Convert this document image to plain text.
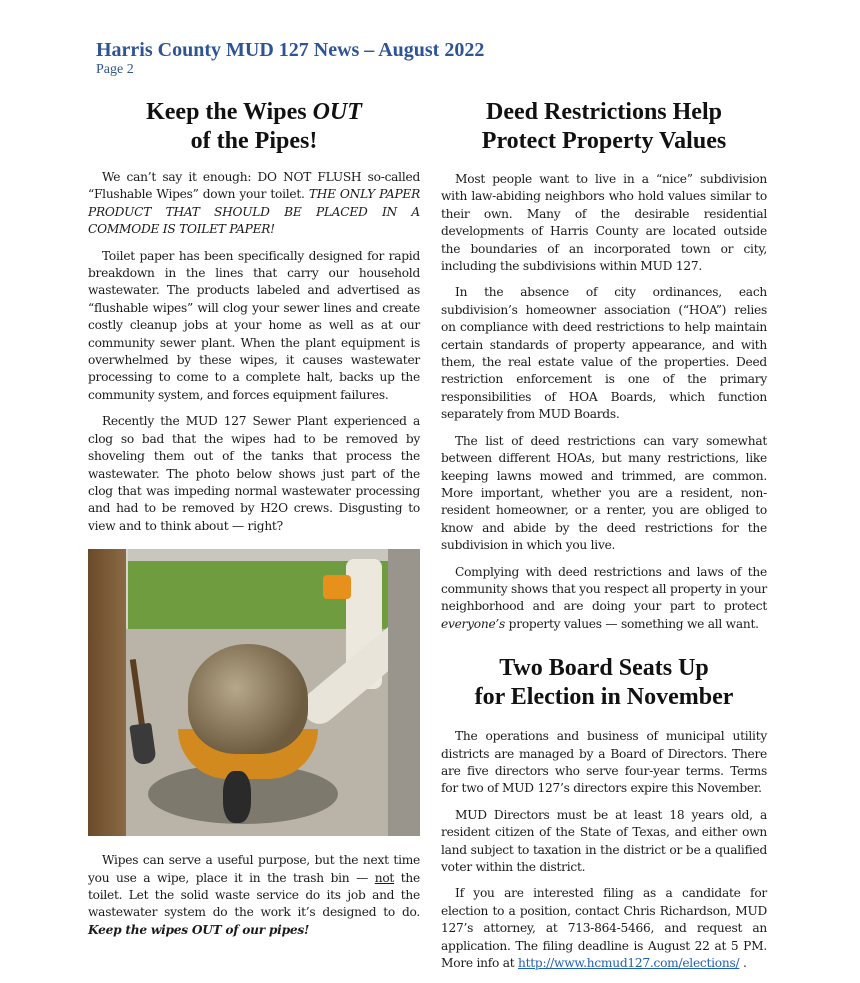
Harris County MUD 127 News – August 2022
Page 2
Keep the Wipes OUT
of the Pipes!

We can’t say it enough: DO NOT FLUSH so-called “Flushable Wipes” down your toilet. THE ONLY PAPER PRODUCT THAT SHOULD BE PLACED IN A COMMODE IS TOILET PAPER!

Toilet paper has been specifically designed for rapid breakdown in the lines that carry our household wastewater. The products labeled and advertised as “flushable wipes” will clog your sewer lines and create costly cleanup jobs at your home as well as at our community sewer plant. When the plant equipment is overwhelmed by these wipes, it causes wastewater processing to come to a complete halt, backs up the community system, and forces equipment failures.

Recently the MUD 127 Sewer Plant experienced a clog so bad that the wipes had to be removed by shoveling them out of the tanks that process the wastewater. The photo below shows just part of the clog that was impeding normal wastewater processing and had to be removed by H2O crews. Disgusting to view and to think about — right?

Wipes can serve a useful purpose, but the next time you use a wipe, place it in the trash bin — not the toilet. Let the solid waste service do its job and the wastewater system do the work it’s designed to do. Keep the wipes OUT of our pipes!

Deed Restrictions Help
Protect Property Values

Most people want to live in a “nice” subdivision with law-abiding neighbors who hold values similar to their own. Many of the desirable residential developments of Harris County are located outside the boundaries of an incorporated town or city, including the subdivisions within MUD 127.

In the absence of city ordinances, each subdivision’s homeowner association (“HOA”) relies on compliance with deed restrictions to help maintain certain standards of property appearance, and with them, the real estate value of the properties. Deed restriction enforcement is one of the primary responsibilities of HOA Boards, which function separately from MUD Boards.

The list of deed restrictions can vary somewhat between different HOAs, but many restrictions, like keeping lawns mowed and trimmed, are common. More important, whether you are a resident, non-resident homeowner, or a renter, you are obliged to know and abide by the deed restrictions for the subdivision in which you live.

Complying with deed restrictions and laws of the community shows that you respect all property in your neighborhood and are doing your part to protect everyone’s property values — something we all want.

Two Board Seats Up
for Election in November

The operations and business of municipal utility districts are managed by a Board of Directors. There are five directors who serve four-year terms. Terms for two of MUD 127’s directors expire this November.

MUD Directors must be at least 18 years old, a resident citizen of the State of Texas, and either own land subject to taxation in the district or be a qualified voter within the district.

If you are interested filing as a candidate for election to a position, contact Chris Richardson, MUD 127’s attorney, at 713-864-5466, and request an application. The filing deadline is August 22 at 5 PM. More info at http://www.hcmud127.com/elections/ .
